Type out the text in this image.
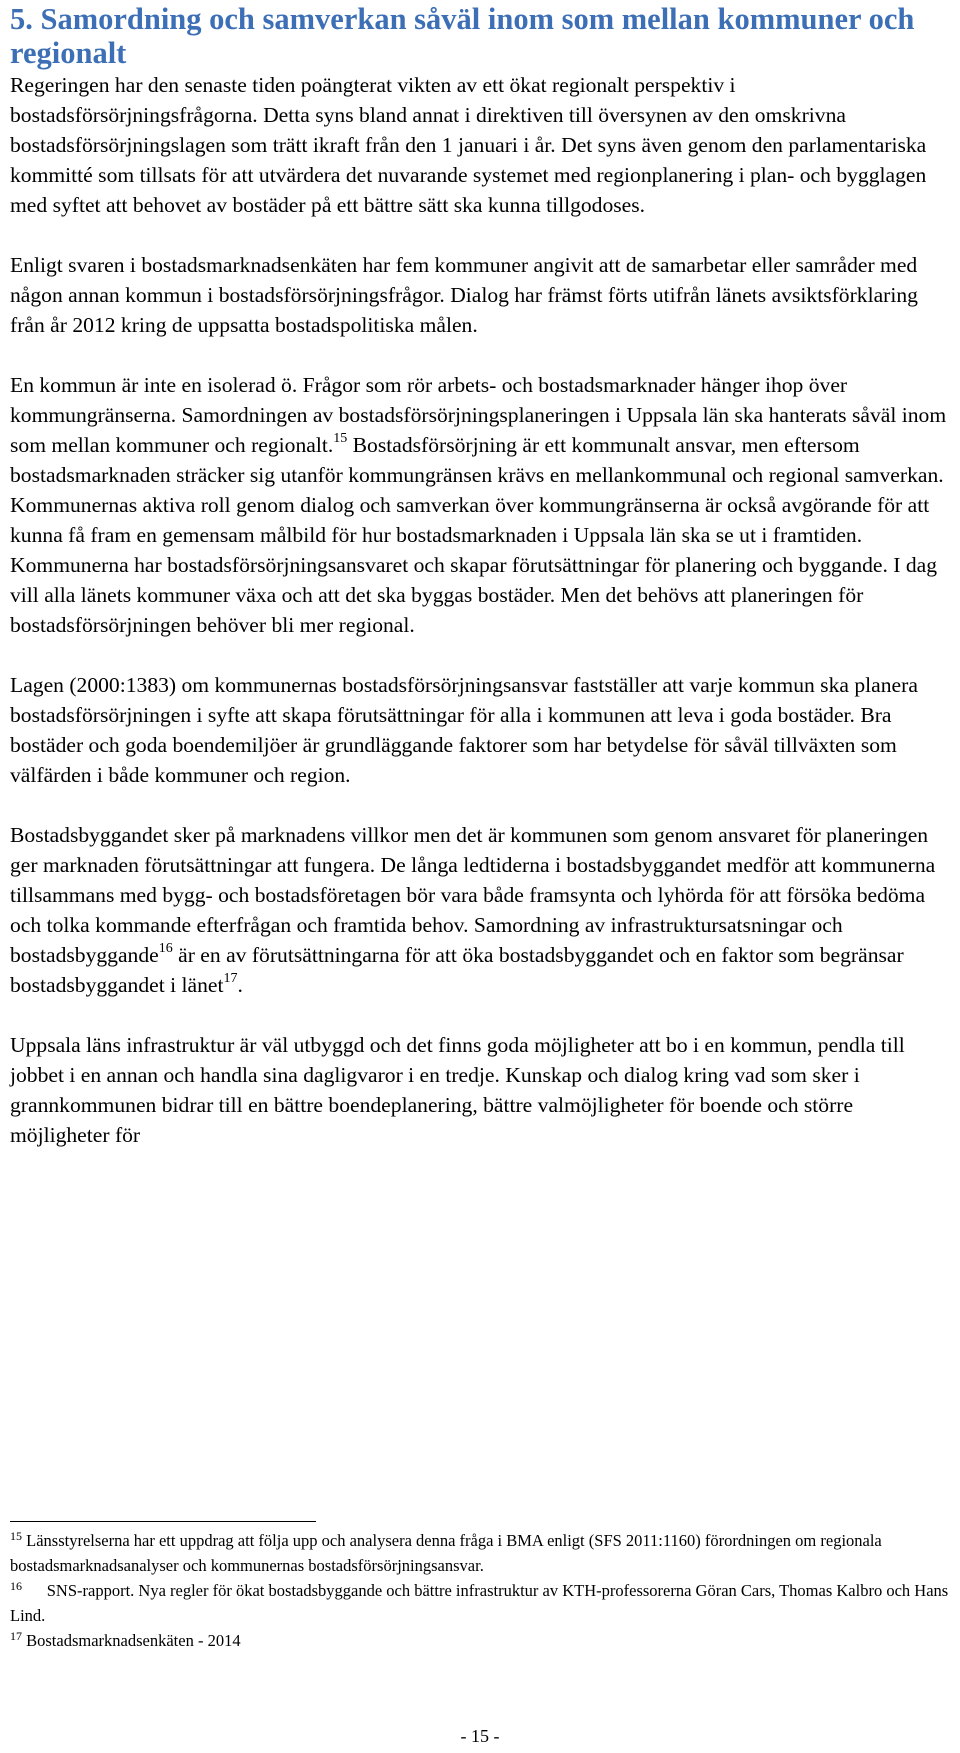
5. Samordning och samverkan såväl inom som mellan kommuner och regionalt

Regeringen har den senaste tiden poängterat vikten av ett ökat regionalt perspektiv i bostadsförsörjningsfrågorna. Detta syns bland annat i direktiven till översynen av den omskrivna bostadsförsörjningslagen som trätt ikraft från den 1 januari i år. Det syns även genom den parlamentariska kommitté som tillsats för att utvärdera det nuvarande systemet med regionplanering i plan- och bygglagen med syftet att behovet av bostäder på ett bättre sätt ska kunna tillgodoses.

Enligt svaren i bostadsmarknadsenkäten har fem kommuner angivit att de samarbetar eller samråder med någon annan kommun i bostadsförsörjningsfrågor. Dialog har främst förts utifrån länets avsiktsförklaring från år 2012 kring de uppsatta bostadspolitiska målen.

En kommun är inte en isolerad ö. Frågor som rör arbets- och bostadsmarknader hänger ihop över kommungränserna. Samordningen av bostadsförsörjningsplaneringen i Uppsala län ska hanterats såväl inom som mellan kommuner och regionalt.$^{15}$ Bostadsförsörjning är ett kommunalt ansvar, men eftersom bostadsmarknaden sträcker sig utanför kommungränsen krävs en mellankommunal och regional samverkan. Kommunernas aktiva roll genom dialog och samverkan över kommungränserna är också avgörande för att kunna få fram en gemensam målbild för hur bostadsmarknaden i Uppsala län ska se ut i framtiden. Kommunerna har bostadsförsörjningsansvaret och skapar förutsättningar för planering och byggande. I dag vill alla länets kommuner växa och att det ska byggas bostäder. Men det behövs att planeringen för bostadsförsörjningen behöver bli mer regional.

Lagen (2000:1383) om kommunernas bostadsförsörjningsansvar fastställer att varje kommun ska planera bostadsförsörjningen i syfte att skapa förutsättningar för alla i kommunen att leva i goda bostäder. Bra bostäder och goda boendemiljöer är grundläggande faktorer som har betydelse för såväl tillväxten som välfärden i både kommuner och region.

Bostadsbyggandet sker på marknadens villkor men det är kommunen som genom ansvaret för planeringen ger marknaden förutsättningar att fungera. De långa ledtiderna i bostadsbyggandet medför att kommunerna tillsammans med bygg- och bostadsföretagen bör vara både framsynta och lyhörda för att försöka bedöma och tolka kommande efterfrågan och framtida behov. Samordning av infrastruktursatsningar och bostadsbyggande$^{16}$ är en av förutsättningarna för att öka bostadsbyggandet och en faktor som begränsar bostadsbyggandet i länet$^{17}$.

Uppsala läns infrastruktur är väl utbyggd och det finns goda möjligheter att bo i en kommun, pendla till jobbet i en annan och handla sina dagligvaror i en tredje. Kunskap och dialog kring vad som sker i grannkommunen bidrar till en bättre boendeplanering, bättre valmöjligheter för boende och större möjligheter för

$^{15}$ Länsstyrelserna har ett uppdrag att följa upp och analysera denna fråga i BMA enligt (SFS 2011:1160) förordningen om regionala bostadsmarknadsanalyser och kommunernas bostadsförsörjningsansvar.
$^{16}$      SNS-rapport. Nya regler för ökat bostadsbyggande och bättre infrastruktur av KTH-professorerna Göran Cars, Thomas Kalbro och Hans Lind.
$^{17}$ Bostadsmarknadsenkäten - 2014
- 15 -
